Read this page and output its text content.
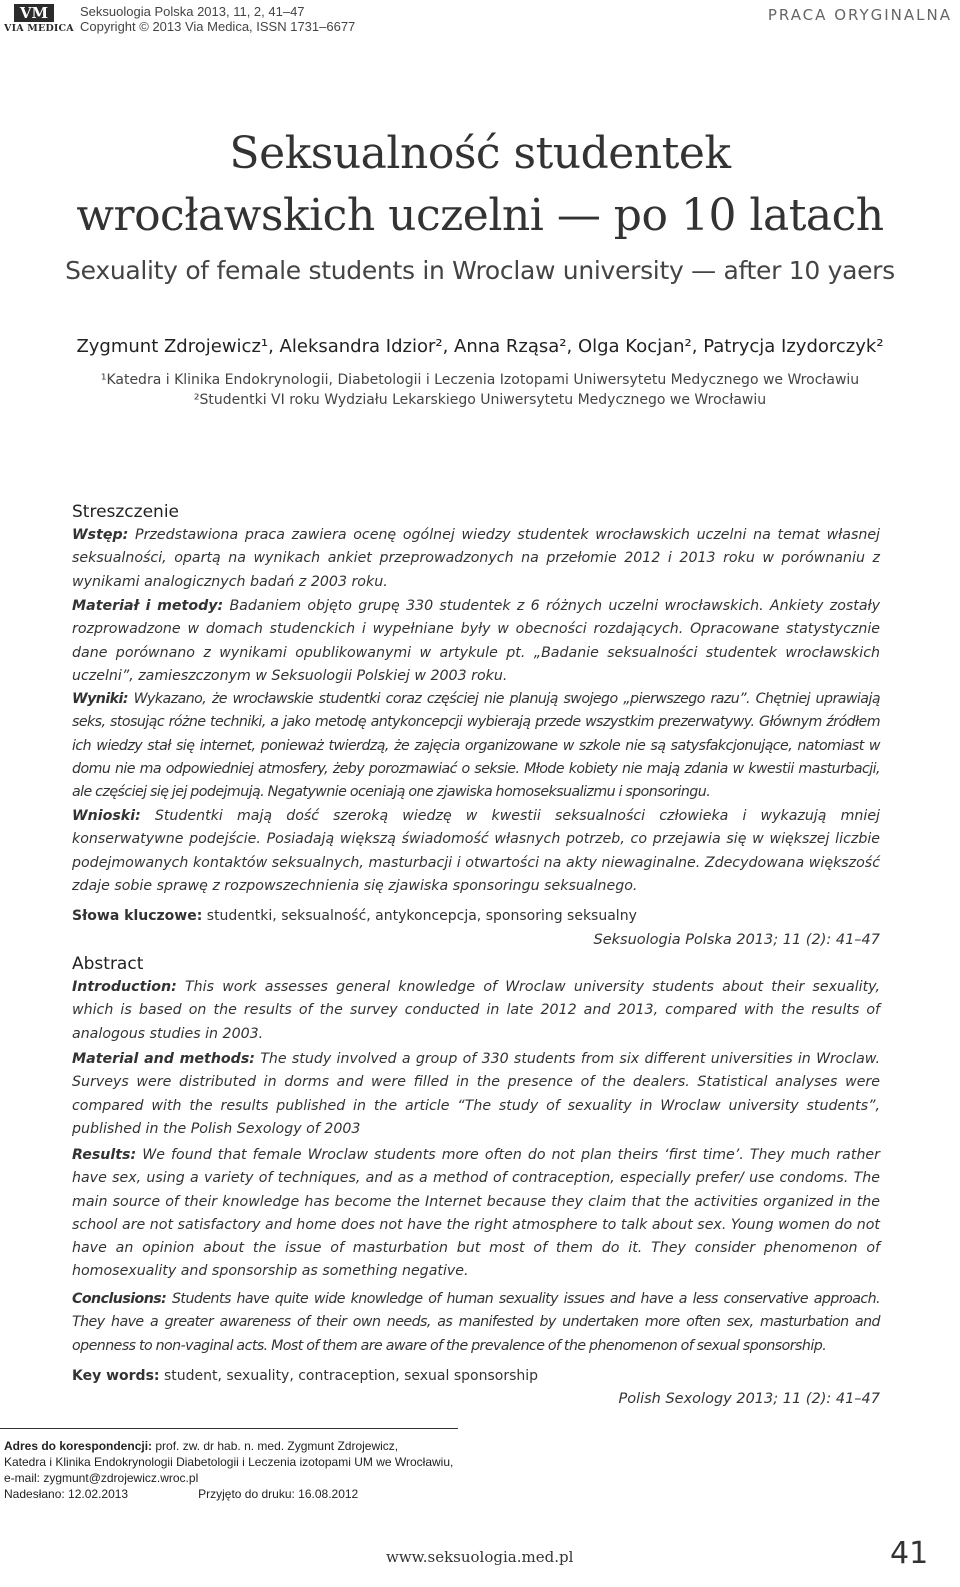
VM
VIA MEDICA
Seksuologia Polska 2013, 11, 2, 41–47
Copyright © 2013 Via Medica, ISSN 1731–6677
PRACA ORYGINALNA
Seksualność studentek
wrocławskich uczelni — po 10 latach
Sexuality of female students in Wroclaw university — after 10 yaers
Zygmunt Zdrojewicz¹, Aleksandra Idzior², Anna Rząsa², Olga Kocjan², Patrycja Izydorczyk²
¹Katedra i Klinika Endokrynologii, Diabetologii i Leczenia Izotopami Uniwersytetu Medycznego we Wrocławiu
²Studentki VI roku Wydziału Lekarskiego Uniwersytetu Medycznego we Wrocławiu
Streszczenie
Wstęp: Przedstawiona praca zawiera ocenę ogólnej wiedzy studentek wrocławskich uczelni na temat własnej seksualności, opartą na wynikach ankiet przeprowadzonych na przełomie 2012 i 2013 roku w porównaniu z wynikami analogicznych badań z 2003 roku.
Materiał i metody: Badaniem objęto grupę 330 studentek z 6 różnych uczelni wrocławskich. Ankiety zostały rozprowadzone w domach studenckich i wypełniane były w obecności rozdających. Opracowane statystycznie dane porównano z wynikami opublikowanymi w artykule pt. „Badanie seksualności studentek wrocławskich uczelni”, zamieszczonym w Seksuologii Polskiej w 2003 roku.
Wyniki: Wykazano, że wrocławskie studentki coraz częściej nie planują swojego „pierwszego razu”. Chętniej uprawiają seks, stosując różne techniki, a jako metodę antykoncepcji wybierają przede wszystkim prezerwatywy. Głównym źródłem ich wiedzy stał się internet, ponieważ twierdzą, że zajęcia organizowane w szkole nie są satysfakcjonujące, natomiast w domu nie ma odpowiedniej atmosfery, żeby porozmawiać o seksie. Młode kobiety nie mają zdania w kwestii masturbacji, ale częściej się jej podejmują. Negatywnie oceniają one zjawiska homoseksualizmu i sponsoringu.
Wnioski: Studentki mają dość szeroką wiedzę w kwestii seksualności człowieka i wykazują mniej konserwatywne podejście. Posiadają większą świadomość własnych potrzeb, co przejawia się w większej liczbie podejmowanych kontaktów seksualnych, masturbacji i otwartości na akty niewaginalne. Zdecydowana większość zdaje sobie sprawę z rozpowszechnienia się zjawiska sponsoringu seksualnego.
Słowa kluczowe: studentki, seksualność, antykoncepcja, sponsoring seksualny
Seksuologia Polska 2013; 11 (2): 41–47
Abstract
Introduction: This work assesses general knowledge of Wroclaw university students about their sexuality, which is based on the results of the survey conducted in late 2012 and 2013, compared with the results of analogous studies in 2003.
Material and methods: The study involved a group of 330 students from six different universities in Wroclaw. Surveys were distributed in dorms and were filled in the presence of the dealers. Statistical analyses were compared with the results published in the article “The study of sexuality in Wroclaw university students”, published in the Polish Sexology of 2003
Results: We found that female Wroclaw students more often do not plan theirs ‘first time’. They much rather have sex, using a variety of techniques, and as a method of contraception, especially prefer/ use condoms. The main source of their knowledge has become the Internet because they claim that the activities organized in the school are not satisfactory and home does not have the right atmosphere to talk about sex. Young women do not have an opinion about the issue of masturbation but most of them do it. They consider phenomenon of homosexuality and sponsorship as something negative.
Conclusions: Students have quite wide knowledge of human sexuality issues and have a less conservative approach. They have a greater awareness of their own needs, as manifested by undertaken more often sex, masturbation and openness to non-vaginal acts. Most of them are aware of the prevalence of the phenomenon of sexual sponsorship.
Key words: student, sexuality, contraception, sexual sponsorship
Polish Sexology 2013; 11 (2): 41–47
Adres do korespondencji: prof. zw. dr hab. n. med. Zygmunt Zdrojewicz,
Katedra i Klinika Endokrynologii Diabetologii i Leczenia izotopami UM we Wrocławiu,
e-mail: zygmunt@zdrojewicz.wroc.pl
Nadesłano: 12.02.2013	Przyjęto do druku: 16.08.2012
www.seksuologia.med.pl	41
